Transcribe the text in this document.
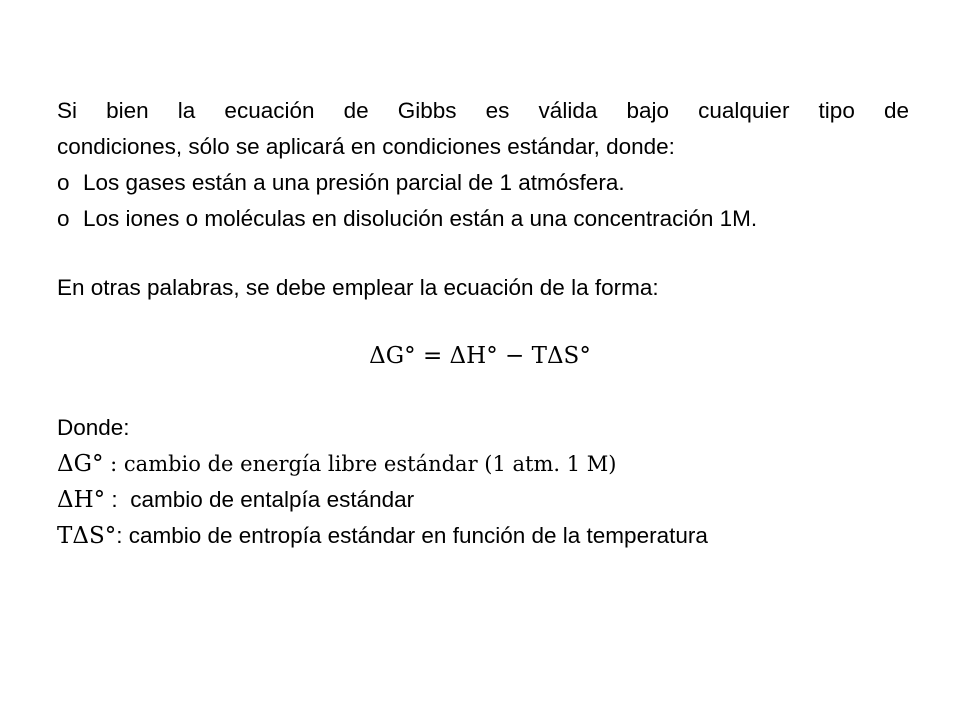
Si bien la ecuación de Gibbs es válida bajo cualquier tipo de
condiciones, sólo se aplicará en condiciones estándar, donde:
o Los gases están a una presión parcial de 1 atmósfera.
o Los iones o moléculas en disolución están a una concentración 1M.
En otras palabras, se debe emplear la ecuación de la forma:
ΔG° = ΔH° − TΔS°
Donde:
ΔG° : cambio de energía libre estándar (1 atm. 1 M)
ΔH° :  cambio de entalpía estándar
TΔS°: cambio de entropía estándar en función de la temperatura
